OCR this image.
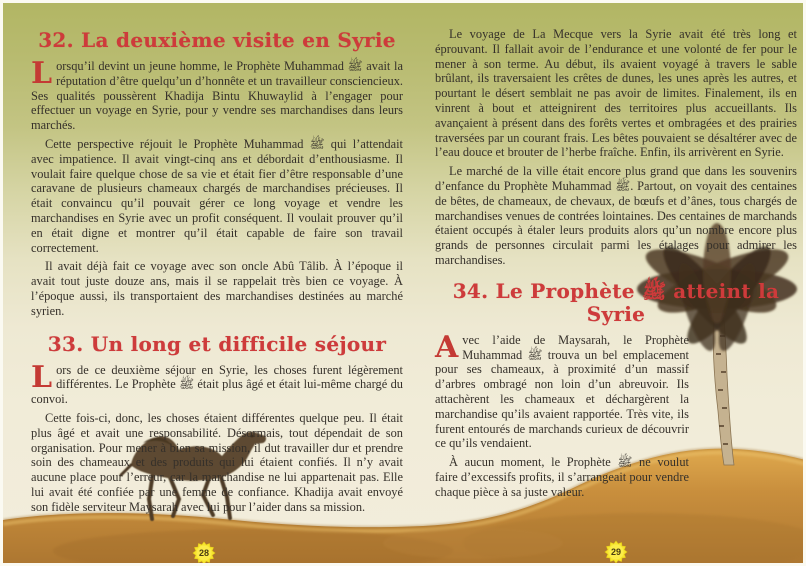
32. La deuxième visite en Syrie

L orsqu’il devint un jeune homme, le Prophète Muhammad ﷺ avait la réputation d’être quelqu’un d’honnête et un travailleur consciencieux. Ses qualités poussèrent Khadija Bintu Khuwaylid à l’engager pour effectuer un voyage en Syrie, pour y vendre ses marchandises dans leurs marchés.

Cette perspective réjouit le Prophète Muhammad ﷺ qui l’attendait avec impatience. Il avait vingt-cinq ans et débordait d’enthousiasme. Il voulait faire quelque chose de sa vie et était fier d’être responsable d’une caravane de plusieurs chameaux chargés de marchandises précieuses. Il était convaincu qu’il pouvait gérer ce long voyage et vendre les marchandises en Syrie avec un profit conséquent. Il voulait prouver qu’il en était digne et montrer qu’il était capable de faire son travail correctement.

Il avait déjà fait ce voyage avec son oncle Abû Tâlib. À l’époque il avait tout juste douze ans, mais il se rappelait très bien ce voyage. À l’époque aussi, ils transportaient des marchandises destinées au marché syrien.

33. Un long et difficile séjour

L ors de ce deuxième séjour en Syrie, les choses furent légèrement différentes. Le Prophète ﷺ était plus âgé et était lui-même chargé du convoi.

Cette fois-ci, donc, les choses étaient différentes quelque peu. Il était plus âgé et avait une responsabilité. Désormais, tout dépendait de son organisation. Pour mener à bien sa mission, il dut travailler dur et prendre soin des chameaux et des produits qui lui étaient confiés. Il n’y avait aucune place pour l’erreur, car la marchandise ne lui appartenait pas. Elle lui avait été confiée par une femme de confiance. Khadija avait envoyé son fidèle serviteur Maysarah avec lui pour l’aider dans sa mission.

Le voyage de La Mecque vers la Syrie avait été très long et éprouvant. Il fallait avoir de l’endurance et une volonté de fer pour le mener à son terme. Au début, ils avaient voyagé à travers le sable brûlant, ils traversaient les crêtes de dunes, les unes après les autres, et pourtant le désert semblait ne pas avoir de limites. Finalement, ils en vinrent à bout et atteignirent des territoires plus accueillants. Ils avançaient à présent dans des forêts vertes et ombragées et des prairies traversées par un courant frais. Les bêtes pouvaient se désaltérer avec de l’eau douce et brouter de l’herbe fraîche. Enfin, ils arrivèrent en Syrie.

Le marché de la ville était encore plus grand que dans les souvenirs d’enfance du Prophète Muhammad ﷺ. Partout, on voyait des centaines de bêtes, de chameaux, de chevaux, de bœufs et d’ânes, tous chargés de marchandises venues de contrées lointaines. Des centaines de marchands étaient occupés à étaler leurs produits alors qu’un nombre encore plus grands de personnes circulait parmi les étalages pour admirer les marchandises.

34. Le Prophète ﷺ atteint la Syrie

A vec l’aide de Maysarah, le Prophète Muhammad ﷺ trouva un bel emplacement pour ses chameaux, à proximité d’un massif d’arbres ombragé non loin d’un abreuvoir. Ils attachèrent les chameaux et déchargèrent la marchandise qu’ils avaient rapportée. Très vite, ils furent entourés de marchands curieux de découvrir ce qu’ils vendaient.

À aucun moment, le Prophète ﷺ ne voulut faire d’excessifs profits, il s’arrangeait pour vendre chaque pièce à sa juste valeur.

28	29
